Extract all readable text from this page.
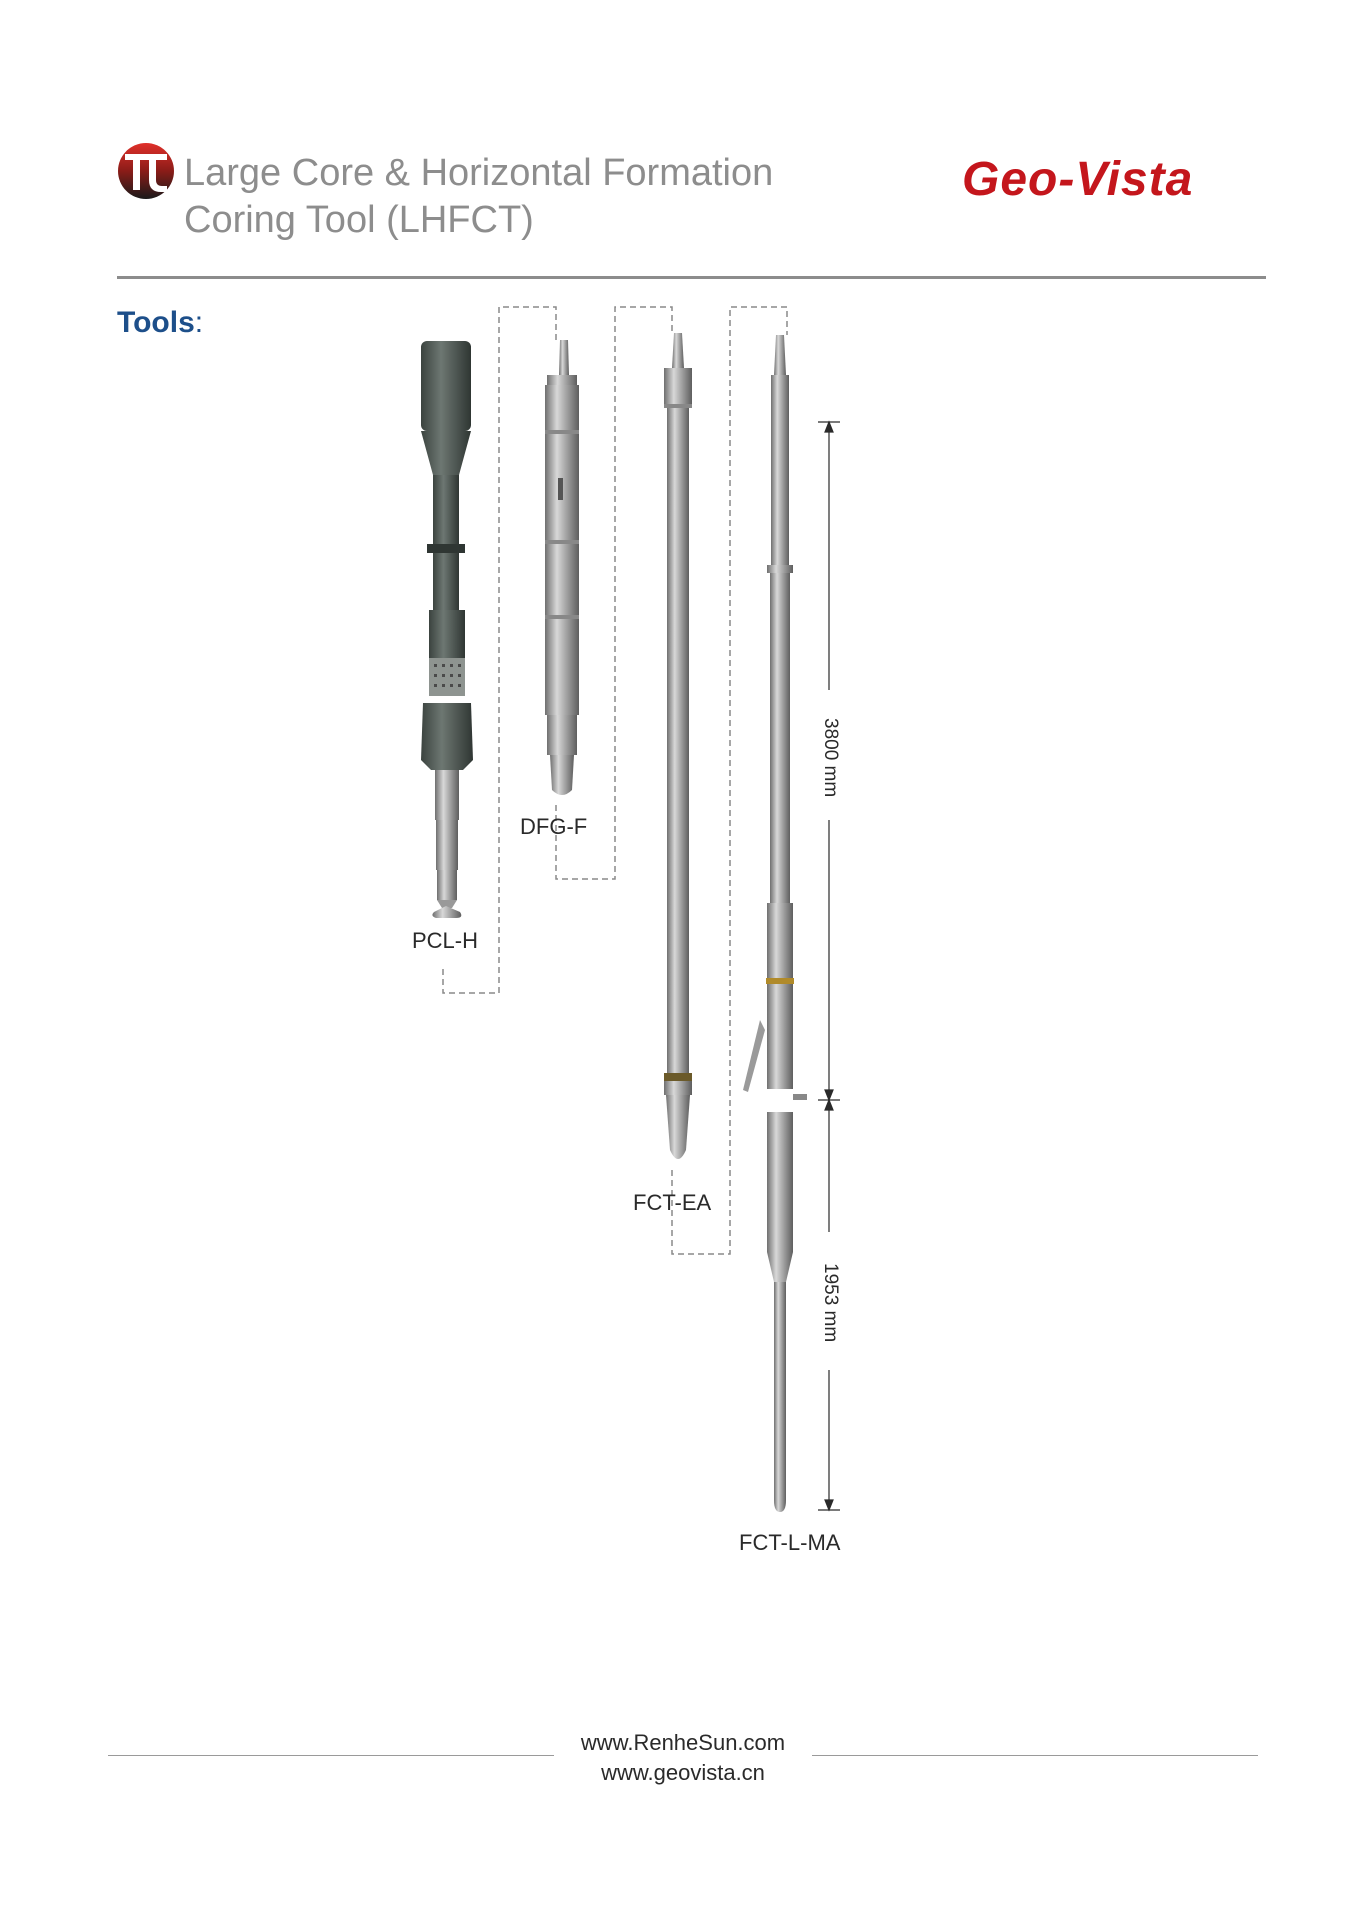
Large Core & Horizontal Formation
Coring Tool (LHFCT)
Geo-Vista
Tools:
PCL-H
DFG-F
FCT-EA
FCT-L-MA
3800 mm
1953 mm
www.RenheSun.com
www.geovista.cn
